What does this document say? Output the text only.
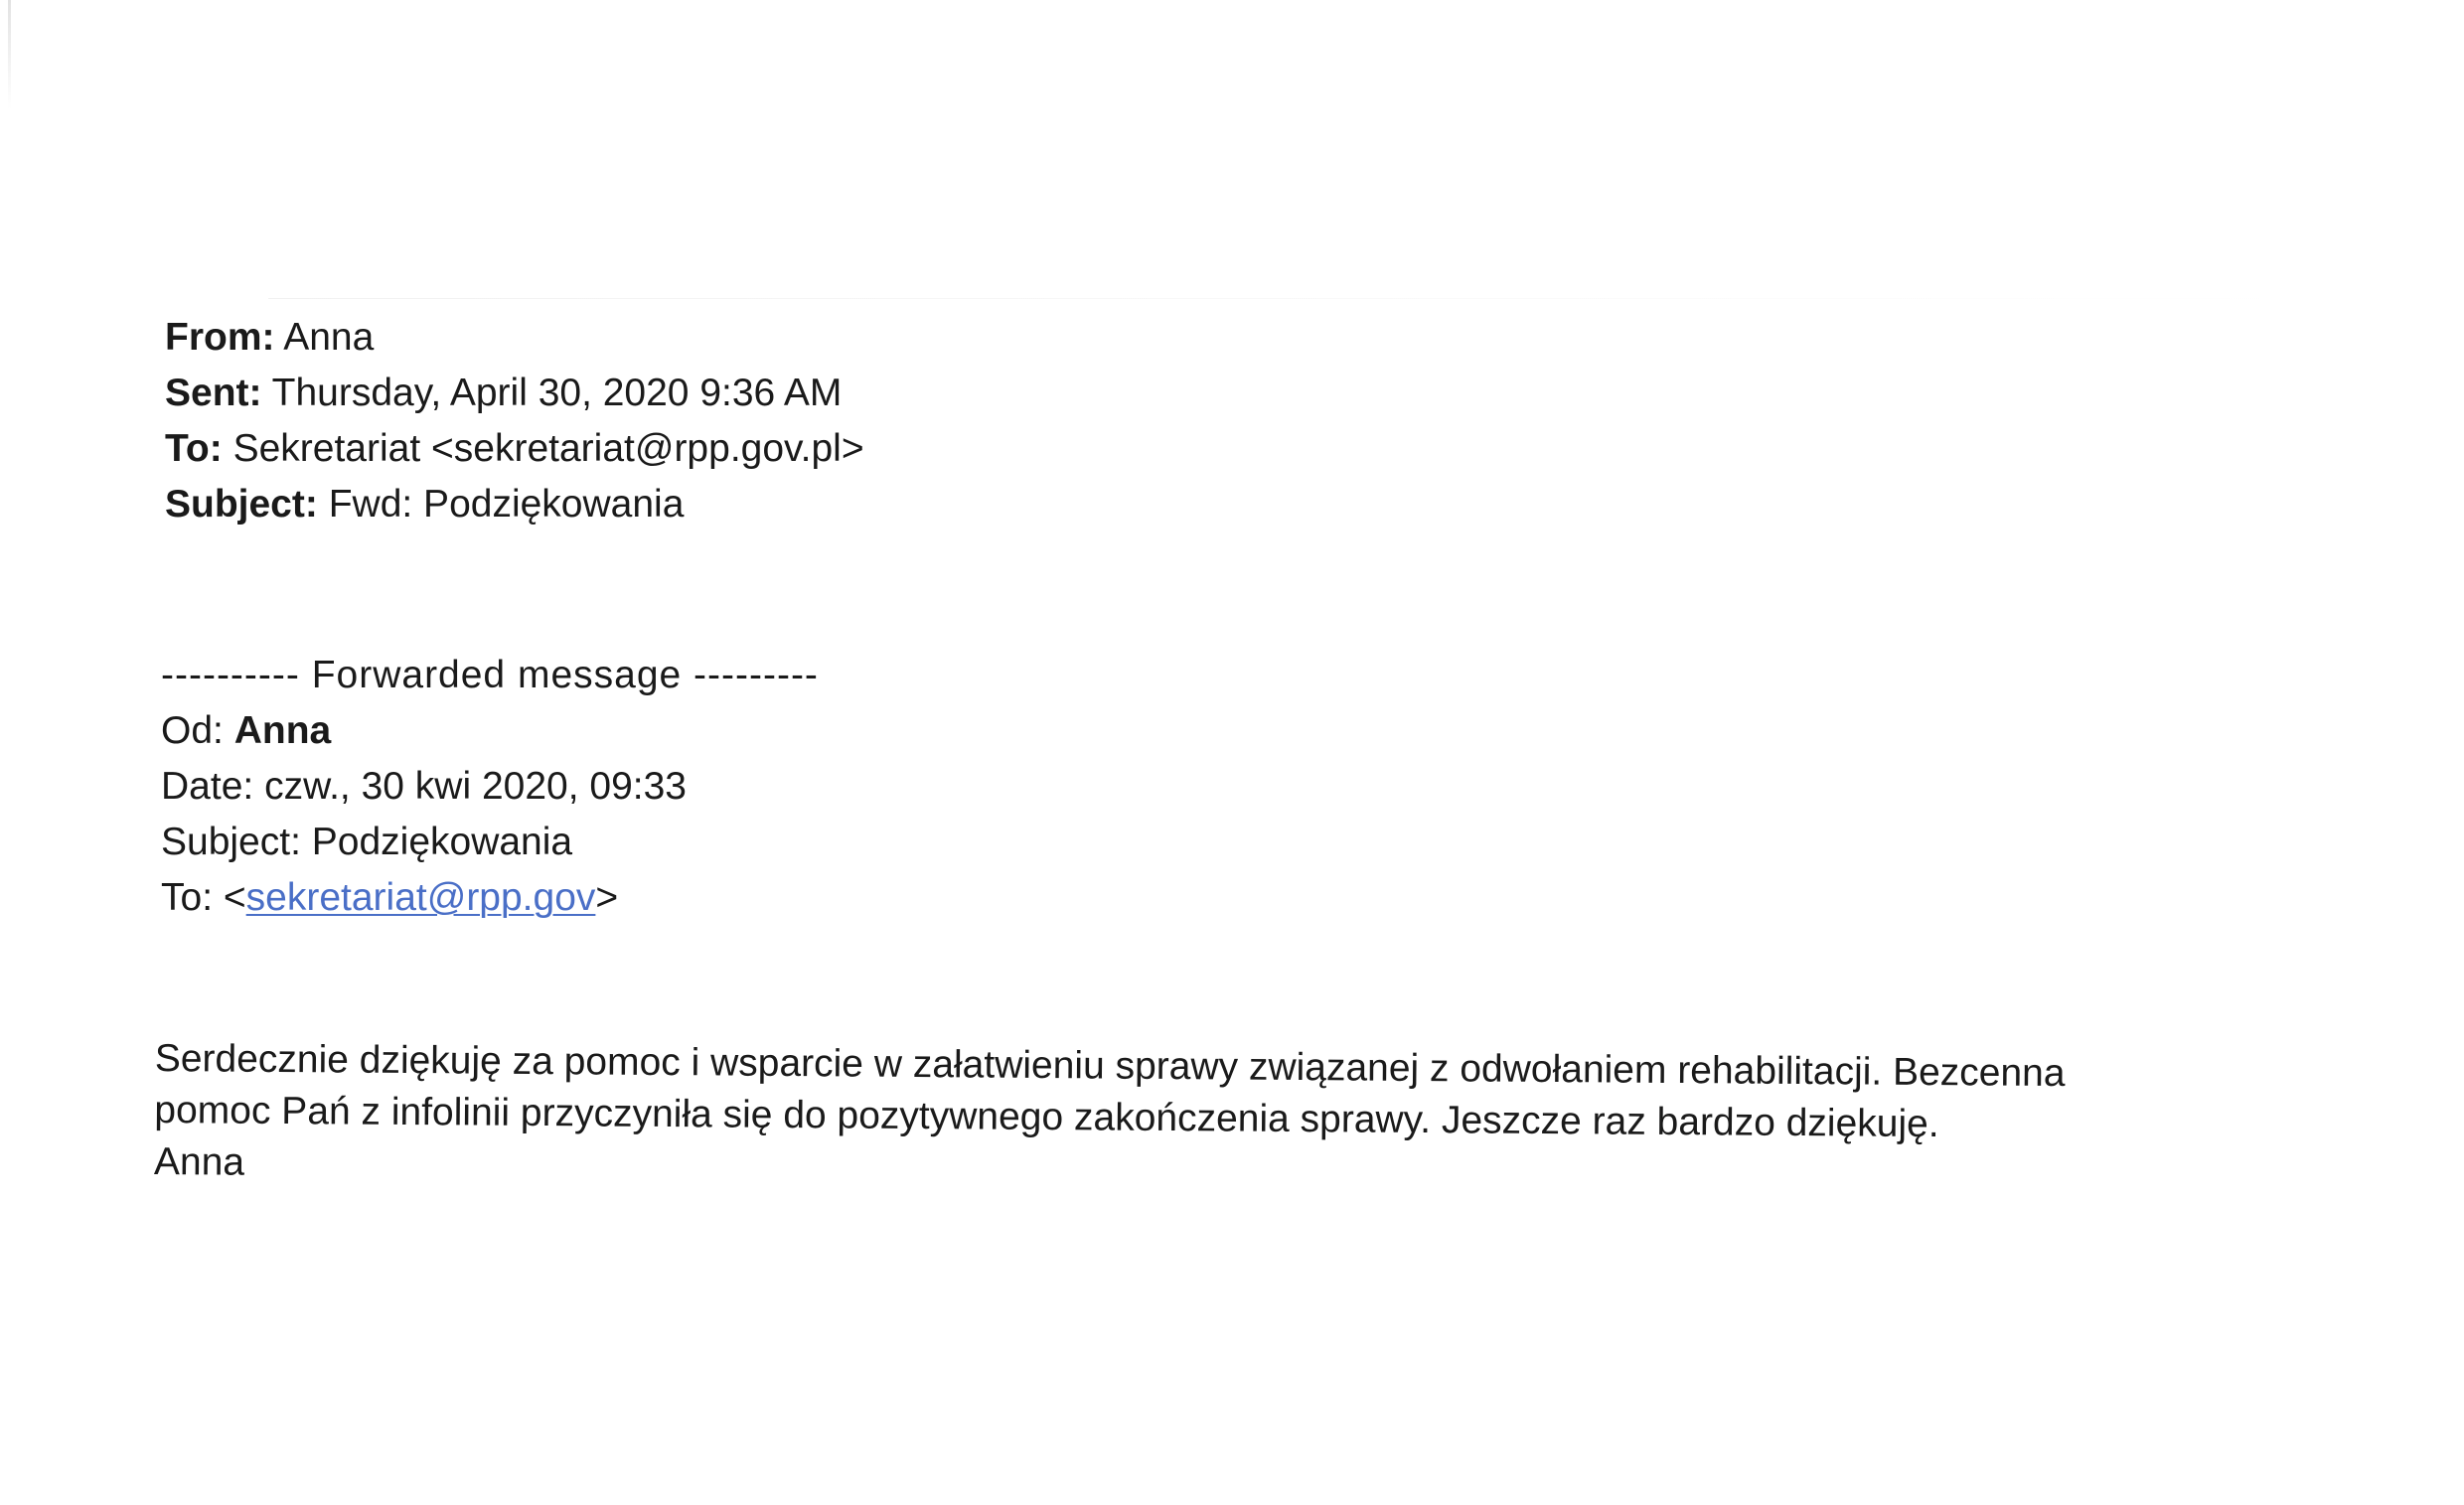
From: Anna
Sent: Thursday, April 30, 2020 9:36 AM
To: Sekretariat <sekretariat@rpp.gov.pl>
Subject: Fwd: Podziękowania
---------- Forwarded message ---------
Od: Anna
Date: czw., 30 kwi 2020, 09:33
Subject: Podziękowania
To: <sekretariat@rpp.gov>
Serdecznie dziękuję za pomoc i wsparcie w załatwieniu sprawy związanej z odwołaniem rehabilitacji. Bezcenna
pomoc Pań z infolinii przyczyniła się do pozytywnego zakończenia sprawy. Jeszcze raz bardzo dziękuję.
Anna
